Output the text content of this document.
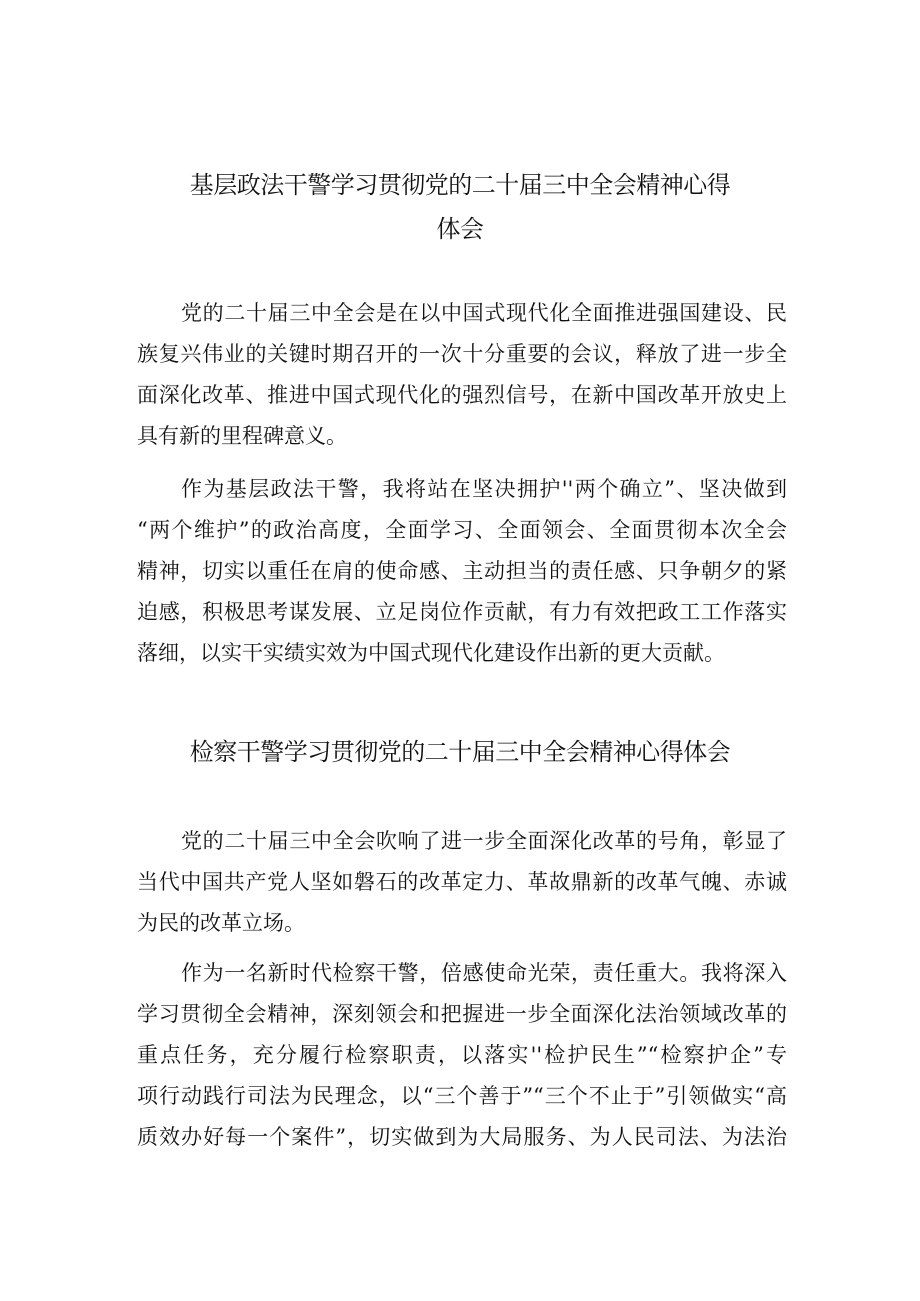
基层政法干警学习贯彻党的二十届三中全会精神心得
体会
党的二十届三中全会是在以中国式现代化全面推进强国建设、民
族复兴伟业的关键时期召开的一次十分重要的会议，释放了进一步全
面深化改革、推进中国式现代化的强烈信号，在新中国改革开放史上
具有新的里程碑意义。
作为基层政法干警，我将站在坚决拥护''两个确立”、坚决做到
“两个维护”的政治高度，全面学习、全面领会、全面贯彻本次全会
精神，切实以重任在肩的使命感、主动担当的责任感、只争朝夕的紧
迫感，积极思考谋发展、立足岗位作贡献，有力有效把政工工作落实
落细，以实干实绩实效为中国式现代化建设作出新的更大贡献。
检察干警学习贯彻党的二十届三中全会精神心得体会
党的二十届三中全会吹响了进一步全面深化改革的号角，彰显了
当代中国共产党人坚如磐石的改革定力、革故鼎新的改革气魄、赤诚
为民的改革立场。
作为一名新时代检察干警，倍感使命光荣，责任重大。我将深入
学习贯彻全会精神，深刻领会和把握进一步全面深化法治领域改革的
重点任务，充分履行检察职责，以落实''检护民生”“检察护企”专
项行动践行司法为民理念，以“三个善于”“三个不止于”引领做实“高
质效办好每一个案件”，切实做到为大局服务、为人民司法、为法治
